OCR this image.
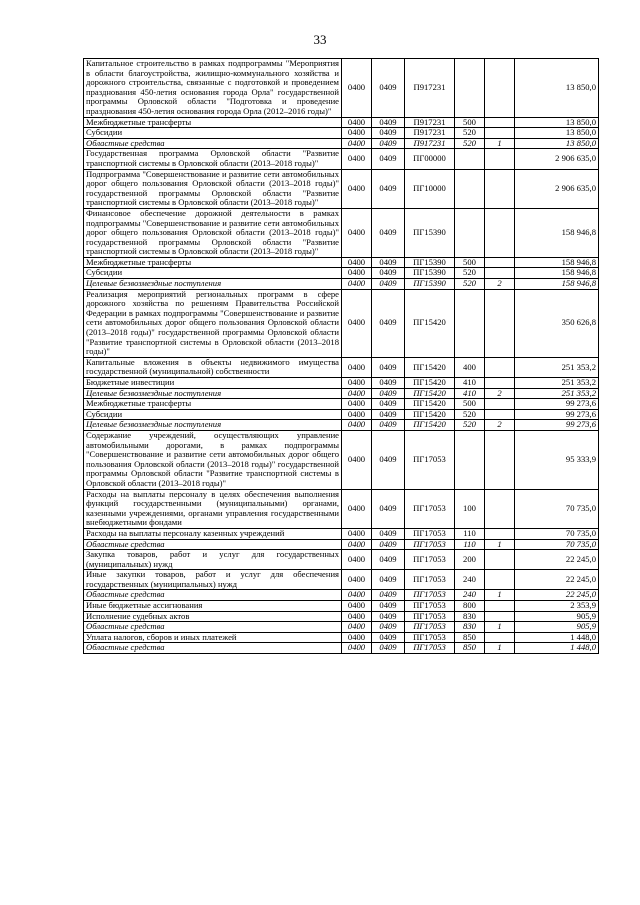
33
Капитальное строительство в рамках подпрограммы "Мероприятия в области благоустройства, жилищно-коммунального хозяйства и дорожного строительства, связанные с подготовкой и проведением празднования 450-летия основания города Орла" государственной программы Орловской области "Подготовка и проведение празднования 450-летия основания города Орла (2012–2016 годы)"	0400	0409	П917231			13 850,0
Межбюджетные трансферты	0400	0409	П917231	500		13 850,0
Субсидии	0400	0409	П917231	520		13 850,0
Областные средства	0400	0409	П917231	520	1	13 850,0
Государственная программа Орловской области "Развитие транспортной системы в Орловской области (2013–2018 годы)"	0400	0409	ПГ00000			2 906 635,0
Подпрограмма "Совершенствование и развитие сети автомобильных дорог общего пользования Орловской области (2013–2018 годы)" государственной программы Орловской области "Развитие транспортной системы в Орловской области (2013–2018 годы)"	0400	0409	ПГ10000			2 906 635,0
Финансовое обеспечение дорожной деятельности в рамках подпрограммы "Совершенствование и развитие сети автомобильных дорог общего пользования Орловской области (2013–2018 годы)" государственной программы Орловской области "Развитие транспортной системы в Орловской области (2013–2018 годы)"	0400	0409	ПГ15390			158 946,8
Межбюджетные трансферты	0400	0409	ПГ15390	500		158 946,8
Субсидии	0400	0409	ПГ15390	520		158 946,8
Целевые безвозмездные поступления	0400	0409	ПГ15390	520	2	158 946,8
Реализация мероприятий региональных программ в сфере дорожного хозяйства по решениям Правительства Российской Федерации в рамках подпрограммы "Совершенствование и развитие сети автомобильных дорог общего пользования Орловской области (2013–2018 годы)" государственной программы Орловской области "Развитие транспортной системы в Орловской области (2013–2018 годы)"	0400	0409	ПГ15420			350 626,8
Капитальные вложения в объекты недвижимого имущества государственной (муниципальной) собственности	0400	0409	ПГ15420	400		251 353,2
Бюджетные инвестиции	0400	0409	ПГ15420	410		251 353,2
Целевые безвозмездные поступления	0400	0409	ПГ15420	410	2	251 353,2
Межбюджетные трансферты	0400	0409	ПГ15420	500		99 273,6
Субсидии	0400	0409	ПГ15420	520		99 273,6
Целевые безвозмездные поступления	0400	0409	ПГ15420	520	2	99 273,6
Содержание учреждений, осуществляющих управление автомобильными дорогами, в рамках подпрограммы "Совершенствование и развитие сети автомобильных дорог общего пользования Орловской области (2013–2018 годы)" государственной программы Орловской области "Развитие транспортной системы в Орловской области (2013–2018 годы)"	0400	0409	ПГ17053			95 333,9
Расходы на выплаты персоналу в целях обеспечения выполнения функций государственными (муниципальными) органами, казенными учреждениями, органами управления государственными внебюджетными фондами	0400	0409	ПГ17053	100		70 735,0
Расходы на выплаты персоналу казенных учреждений	0400	0409	ПГ17053	110		70 735,0
Областные средства	0400	0409	ПГ17053	110	1	70 735,0
Закупка товаров, работ и услуг для государственных (муниципальных) нужд	0400	0409	ПГ17053	200		22 245,0
Иные закупки товаров, работ и услуг для обеспечения государственных (муниципальных) нужд	0400	0409	ПГ17053	240		22 245,0
Областные средства	0400	0409	ПГ17053	240	1	22 245,0
Иные бюджетные ассигнования	0400	0409	ПГ17053	800		2 353,9
Исполнение судебных актов	0400	0409	ПГ17053	830		905,9
Областные средства	0400	0409	ПГ17053	830	1	905,9
Уплата налогов, сборов и иных платежей	0400	0409	ПГ17053	850		1 448,0
Областные средства	0400	0409	ПГ17053	850	1	1 448,0
